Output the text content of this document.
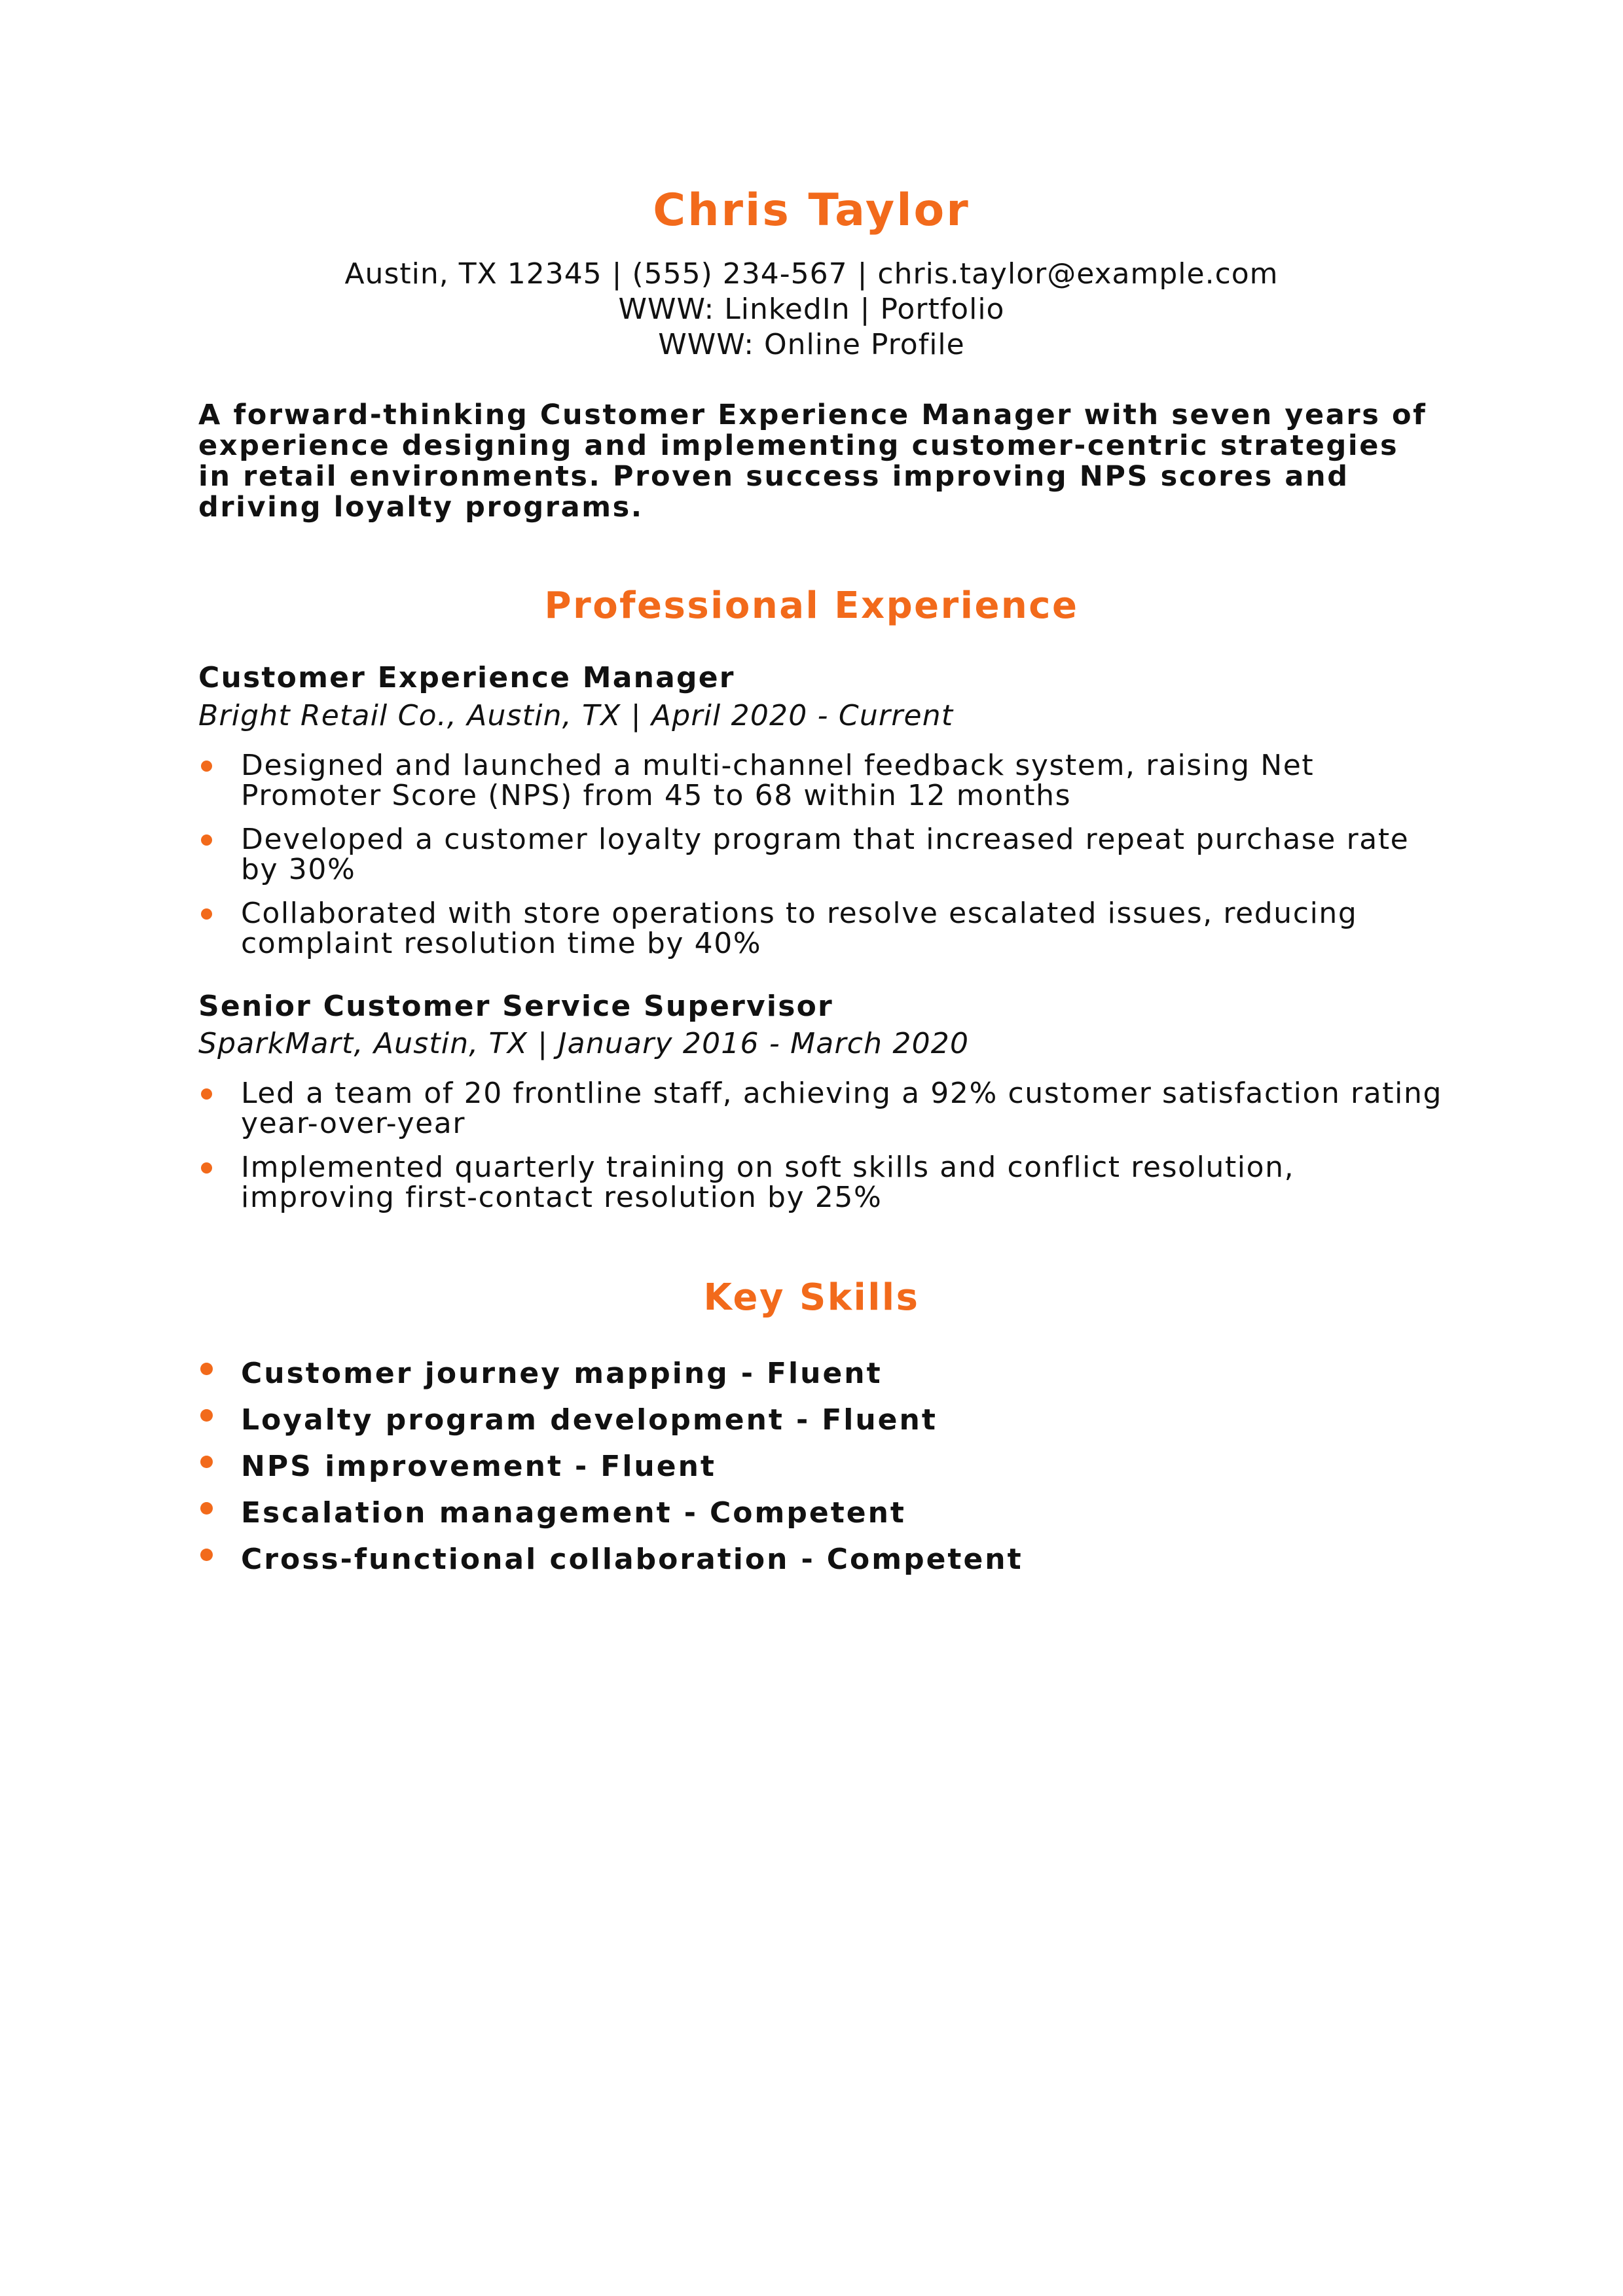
Chris Taylor
Austin, TX 12345 | (555) 234-567 | chris.taylor@example.com
WWW: LinkedIn | Portfolio
WWW: Online Profile
A forward-thinking Customer Experience Manager with seven years of experience designing and implementing customer-centric strategies in retail environments. Proven success improving NPS scores and driving loyalty programs.
Professional Experience
Customer Experience Manager
Bright Retail Co., Austin, TX | April 2020 - Current
Designed and launched a multi-channel feedback system, raising Net Promoter Score (NPS) from 45 to 68 within 12 months
Developed a customer loyalty program that increased repeat purchase rate by 30%
Collaborated with store operations to resolve escalated issues, reducing complaint resolution time by 40%
Senior Customer Service Supervisor
SparkMart, Austin, TX | January 2016 - March 2020
Led a team of 20 frontline staff, achieving a 92% customer satisfaction rating year-over-year
Implemented quarterly training on soft skills and conflict resolution, improving first-contact resolution by 25%
Key Skills
Customer journey mapping - Fluent
Loyalty program development - Fluent
NPS improvement - Fluent
Escalation management - Competent
Cross-functional collaboration - Competent
